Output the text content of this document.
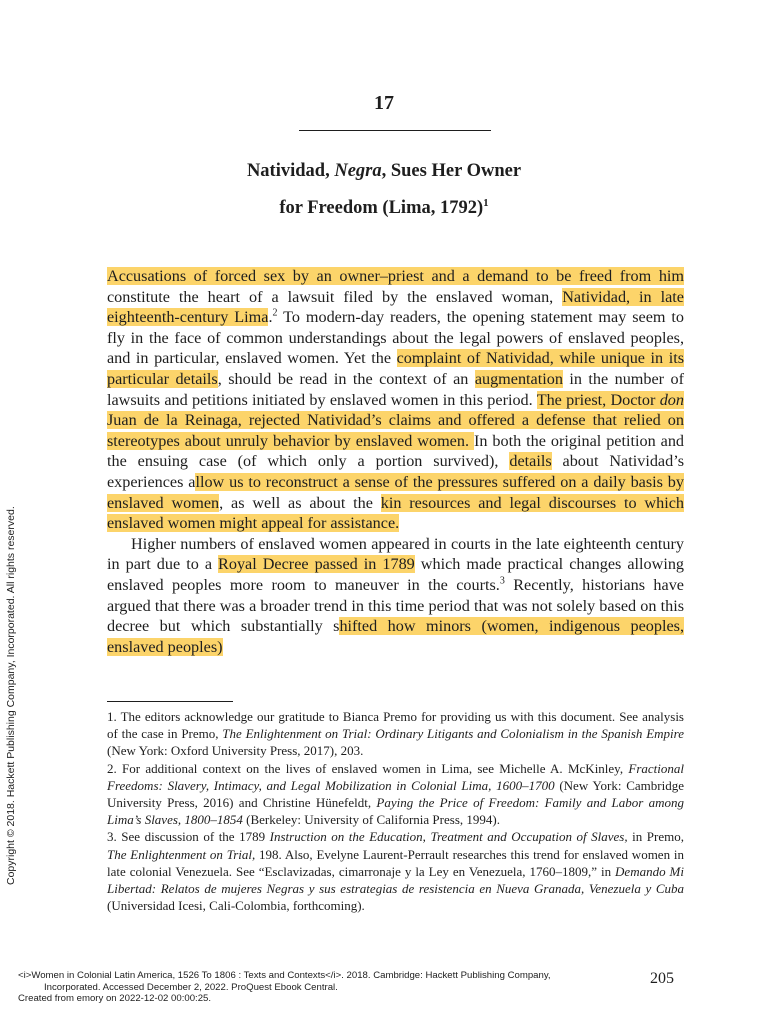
17
Natividad, Negra, Sues Her Owner
for Freedom (Lima, 1792)$^1$

Accusations of forced sex by an owner–priest and a demand to be freed from him constitute the heart of a lawsuit filed by the enslaved woman, Natividad, in late eighteenth-century Lima.$^2$ To modern-day readers, the opening statement may seem to fly in the face of common understandings about the legal powers of enslaved peoples, and in particular, enslaved women. Yet the complaint of Natividad, while unique in its particular details, should be read in the context of an augmentation in the number of lawsuits and petitions initiated by enslaved women in this period. The priest, Doctor don Juan de la Reinaga, rejected Natividad’s claims and offered a defense that relied on stereotypes about unruly behavior by enslaved women. In both the original petition and the ensuing case (of which only a portion survived), details about Natividad’s experiences allow us to reconstruct a sense of the pressures suffered on a daily basis by enslaved women, as well as about the kin resources and legal discourses to which enslaved women might appeal for assistance.

Higher numbers of enslaved women appeared in courts in the late eighteenth century in part due to a Royal Decree passed in 1789 which made practical changes allowing enslaved peoples more room to maneuver in the courts.$^3$ Recently, historians have argued that there was a broader trend in this time period that was not solely based on this decree but which substantially shifted how minors (women, indigenous peoples, enslaved peoples)

1. The editors acknowledge our gratitude to Bianca Premo for providing us with this document. See analysis of the case in Premo, The Enlightenment on Trial: Ordinary Litigants and Colonialism in the Spanish Empire (New York: Oxford University Press, 2017), 203.

2. For additional context on the lives of enslaved women in Lima, see Michelle A. McKinley, Fractional Freedoms: Slavery, Intimacy, and Legal Mobilization in Colonial Lima, 1600–1700 (New York: Cambridge University Press, 2016) and Christine Hünefeldt, Paying the Price of Freedom: Family and Labor among Lima’s Slaves, 1800–1854 (Berkeley: University of California Press, 1994).

3. See discussion of the 1789 Instruction on the Education, Treatment and Occupation of Slaves, in Premo, The Enlightenment on Trial, 198. Also, Evelyne Laurent-Perrault researches this trend for enslaved women in late colonial Venezuela. See “Esclavizadas, cimarronaje y la Ley en Venezuela, 1760–1809,” in Demando Mi Libertad: Relatos de mujeres Negras y sus estrategias de resistencia en Nueva Granada, Venezuela y Cuba (Universidad Icesi, Cali-Colombia, forthcoming).

Copyright © 2018. Hackett Publishing Company, Incorporated. All rights reserved.
<i>Women in Colonial Latin America, 1526 To 1806 : Texts and Contexts</i>. 2018. Cambridge: Hackett Publishing Company,
Incorporated. Accessed December 2, 2022. ProQuest Ebook Central.
Created from emory on 2022-12-02 00:00:25.
205
